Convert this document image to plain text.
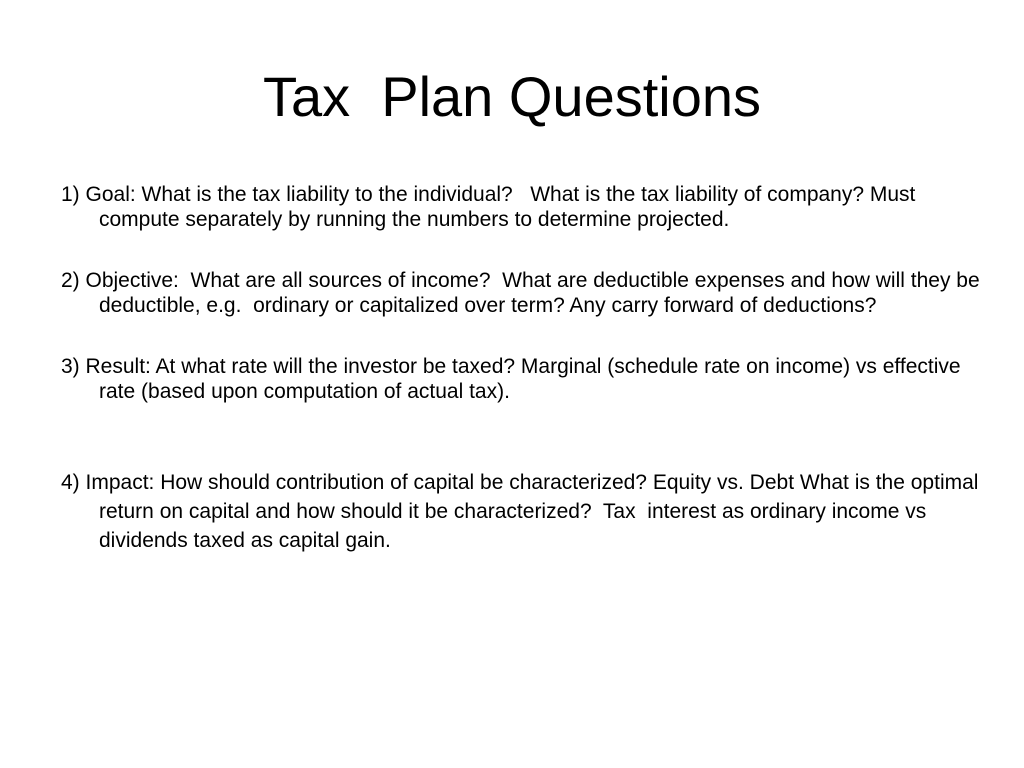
Tax  Plan Questions
1) Goal: What is the tax liability to the individual?   What is the tax liability of company? Must compute separately by running the numbers to determine projected.
2) Objective:  What are all sources of income?  What are deductible expenses and how will they be deductible, e.g.  ordinary or capitalized over term? Any carry forward of deductions?
3) Result: At what rate will the investor be taxed? Marginal (schedule rate on income) vs effective rate (based upon computation of actual tax).
4) Impact: How should contribution of capital be characterized? Equity vs. Debt What is the optimal return on capital and how should it be characterized?  Tax  interest as ordinary income vs dividends taxed as capital gain.
